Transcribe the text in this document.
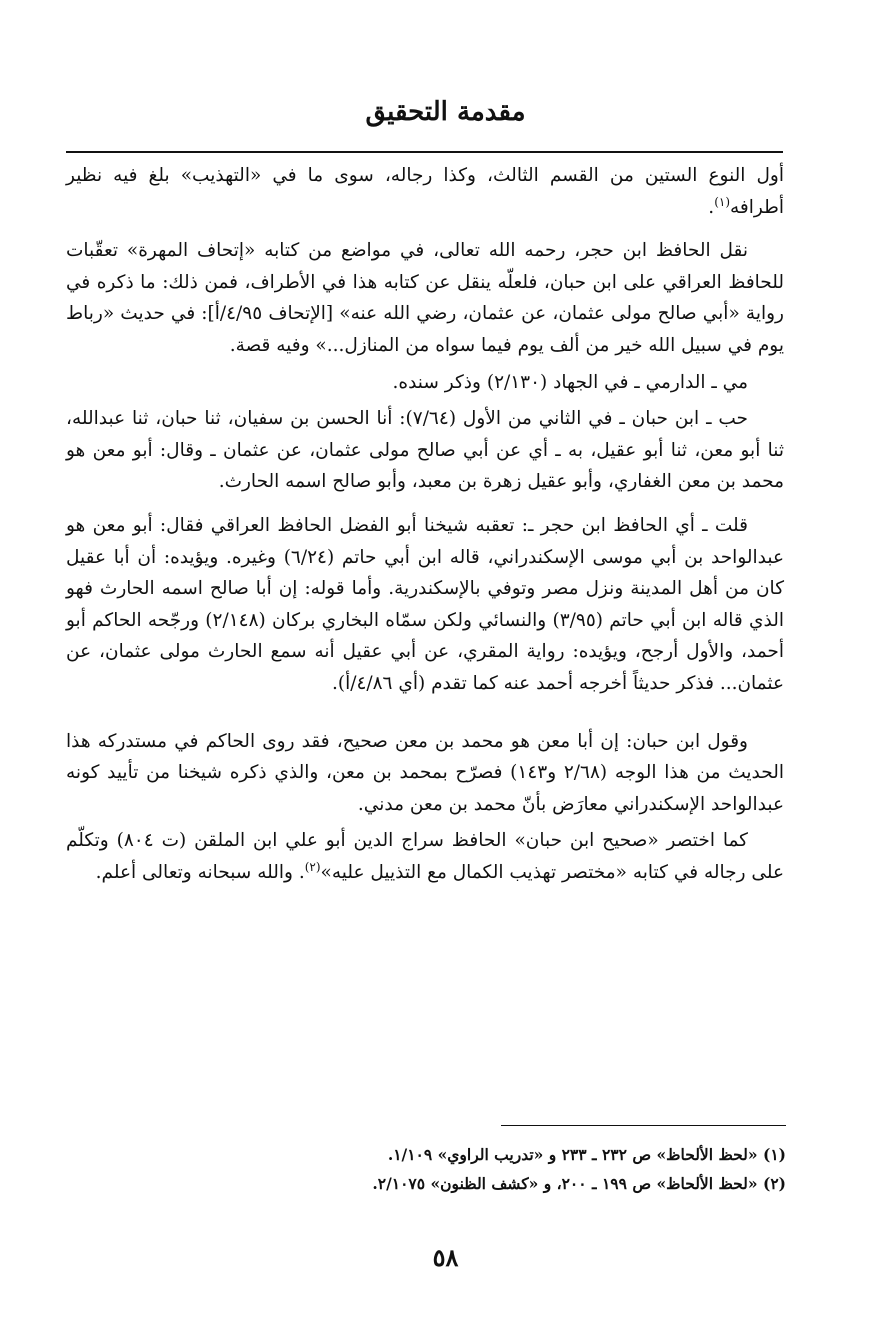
مقدمة التحقيق

أول النوع الستين من القسم الثالث، وكذا رجاله، سوى ما في «التهذيب» بلغ فيه نظير أطرافه$^{(١)}$.

نقل الحافظ ابن حجر، رحمه الله تعالى، في مواضع من كتابه «إتحاف المهرة» تعقّبات للحافظ العراقي على ابن حبان، فلعلّه ينقل عن كتابه هذا في الأطراف، فمن ذلك: ما ذكره في رواية «أبي صالح مولى عثمان، عن عثمان، رضي الله عنه» [الإتحاف ٤/٩٥/أ]: في حديث «رباط يوم في سبيل الله خير من ألف يوم فيما سواه من المنازل...» وفيه قصة.

مي ـ الدارمي ـ في الجهاد (٢/١٣٠) وذكر سنده.

حب ـ ابن حبان ـ في الثاني من الأول (٧/٦٤): أنا الحسن بن سفيان، ثنا حبان، ثنا عبدالله، ثنا أبو معن، ثنا أبو عقيل، به ـ أي عن أبي صالح مولى عثمان، عن عثمان ـ وقال: أبو معن هو محمد بن معن الغفاري، وأبو عقيل زهرة بن معبد، وأبو صالح اسمه الحارث.

قلت ـ أي الحافظ ابن حجر ـ: تعقبه شيخنا أبو الفضل الحافظ العراقي فقال: أبو معن هو عبدالواحد بن أبي موسى الإسكندراني، قاله ابن أبي حاتم (٦/٢٤) وغيره. ويؤيده: أن أبا عقيل كان من أهل المدينة ونزل مصر وتوفي بالإسكندرية. وأما قوله: إن أبا صالح اسمه الحارث فهو الذي قاله ابن أبي حاتم (٣/٩٥) والنسائي ولكن سمّاه البخاري بركان (٢/١٤٨) ورجّحه الحاكم أبو أحمد، والأول أرجح، ويؤيده: رواية المقري، عن أبي عقيل أنه سمع الحارث مولى عثمان، عن عثمان... فذكر حديثاً أخرجه أحمد عنه كما تقدم (أي ٤/٨٦/أ).

وقول ابن حبان: إن أبا معن هو محمد بن معن صحيح، فقد روى الحاكم في مستدركه هذا الحديث من هذا الوجه (٢/٦٨ و١٤٣) فصرّح بمحمد بن معن، والذي ذكره شيخنا من تأييد كونه عبدالواحد الإسكندراني معارَض بأنّ محمد بن معن مدني.

كما اختصر «صحيح ابن حبان» الحافظ سراج الدين أبو علي ابن الملقن (ت ٨٠٤) وتكلّم على رجاله في كتابه «مختصر تهذيب الكمال مع التذييل عليه»$^{(٢)}$. والله سبحانه وتعالى أعلم.

(١) «لحظ الألحاظ» ص ٢٣٢ ـ ٢٣٣ و «تدريب الراوي» ١/١٠٩.

(٢) «لحظ الألحاظ» ص ١٩٩ ـ ٢٠٠، و «كشف الظنون» ٢/١٠٧٥.

٥٨
